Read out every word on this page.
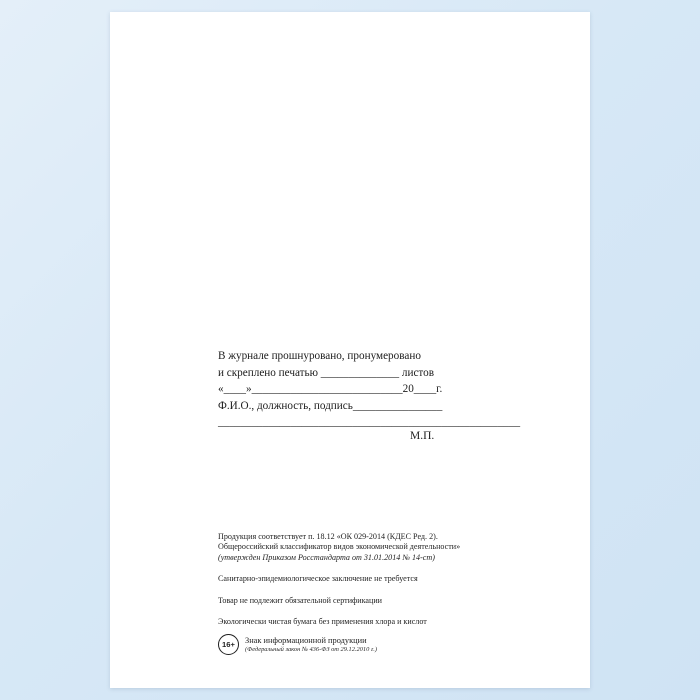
В журнале прошнуровано, пронумеровано
и скреплено печатью ______________ листов
«____»___________________________20____г.
Ф.И.О., должность, подпись________________
______________________________________________________
М.П.

Продукция соответствует п. 18.12 «ОК 029-2014 (КДЕС Ред. 2).

Общероссийский классификатор видов экономической деятельности»

(утвержден Приказом Росстандарта от 31.01.2014 № 14-ст)

Санитарно-эпидемиологическое заключение не требуется

Товар не подлежит обязательной сертификации

Экологически чистая бумага без применения хлора и кислот

16+	Знак информационной продукции
(Федеральный закон № 436-ФЗ от 29.12.2010 г.)
